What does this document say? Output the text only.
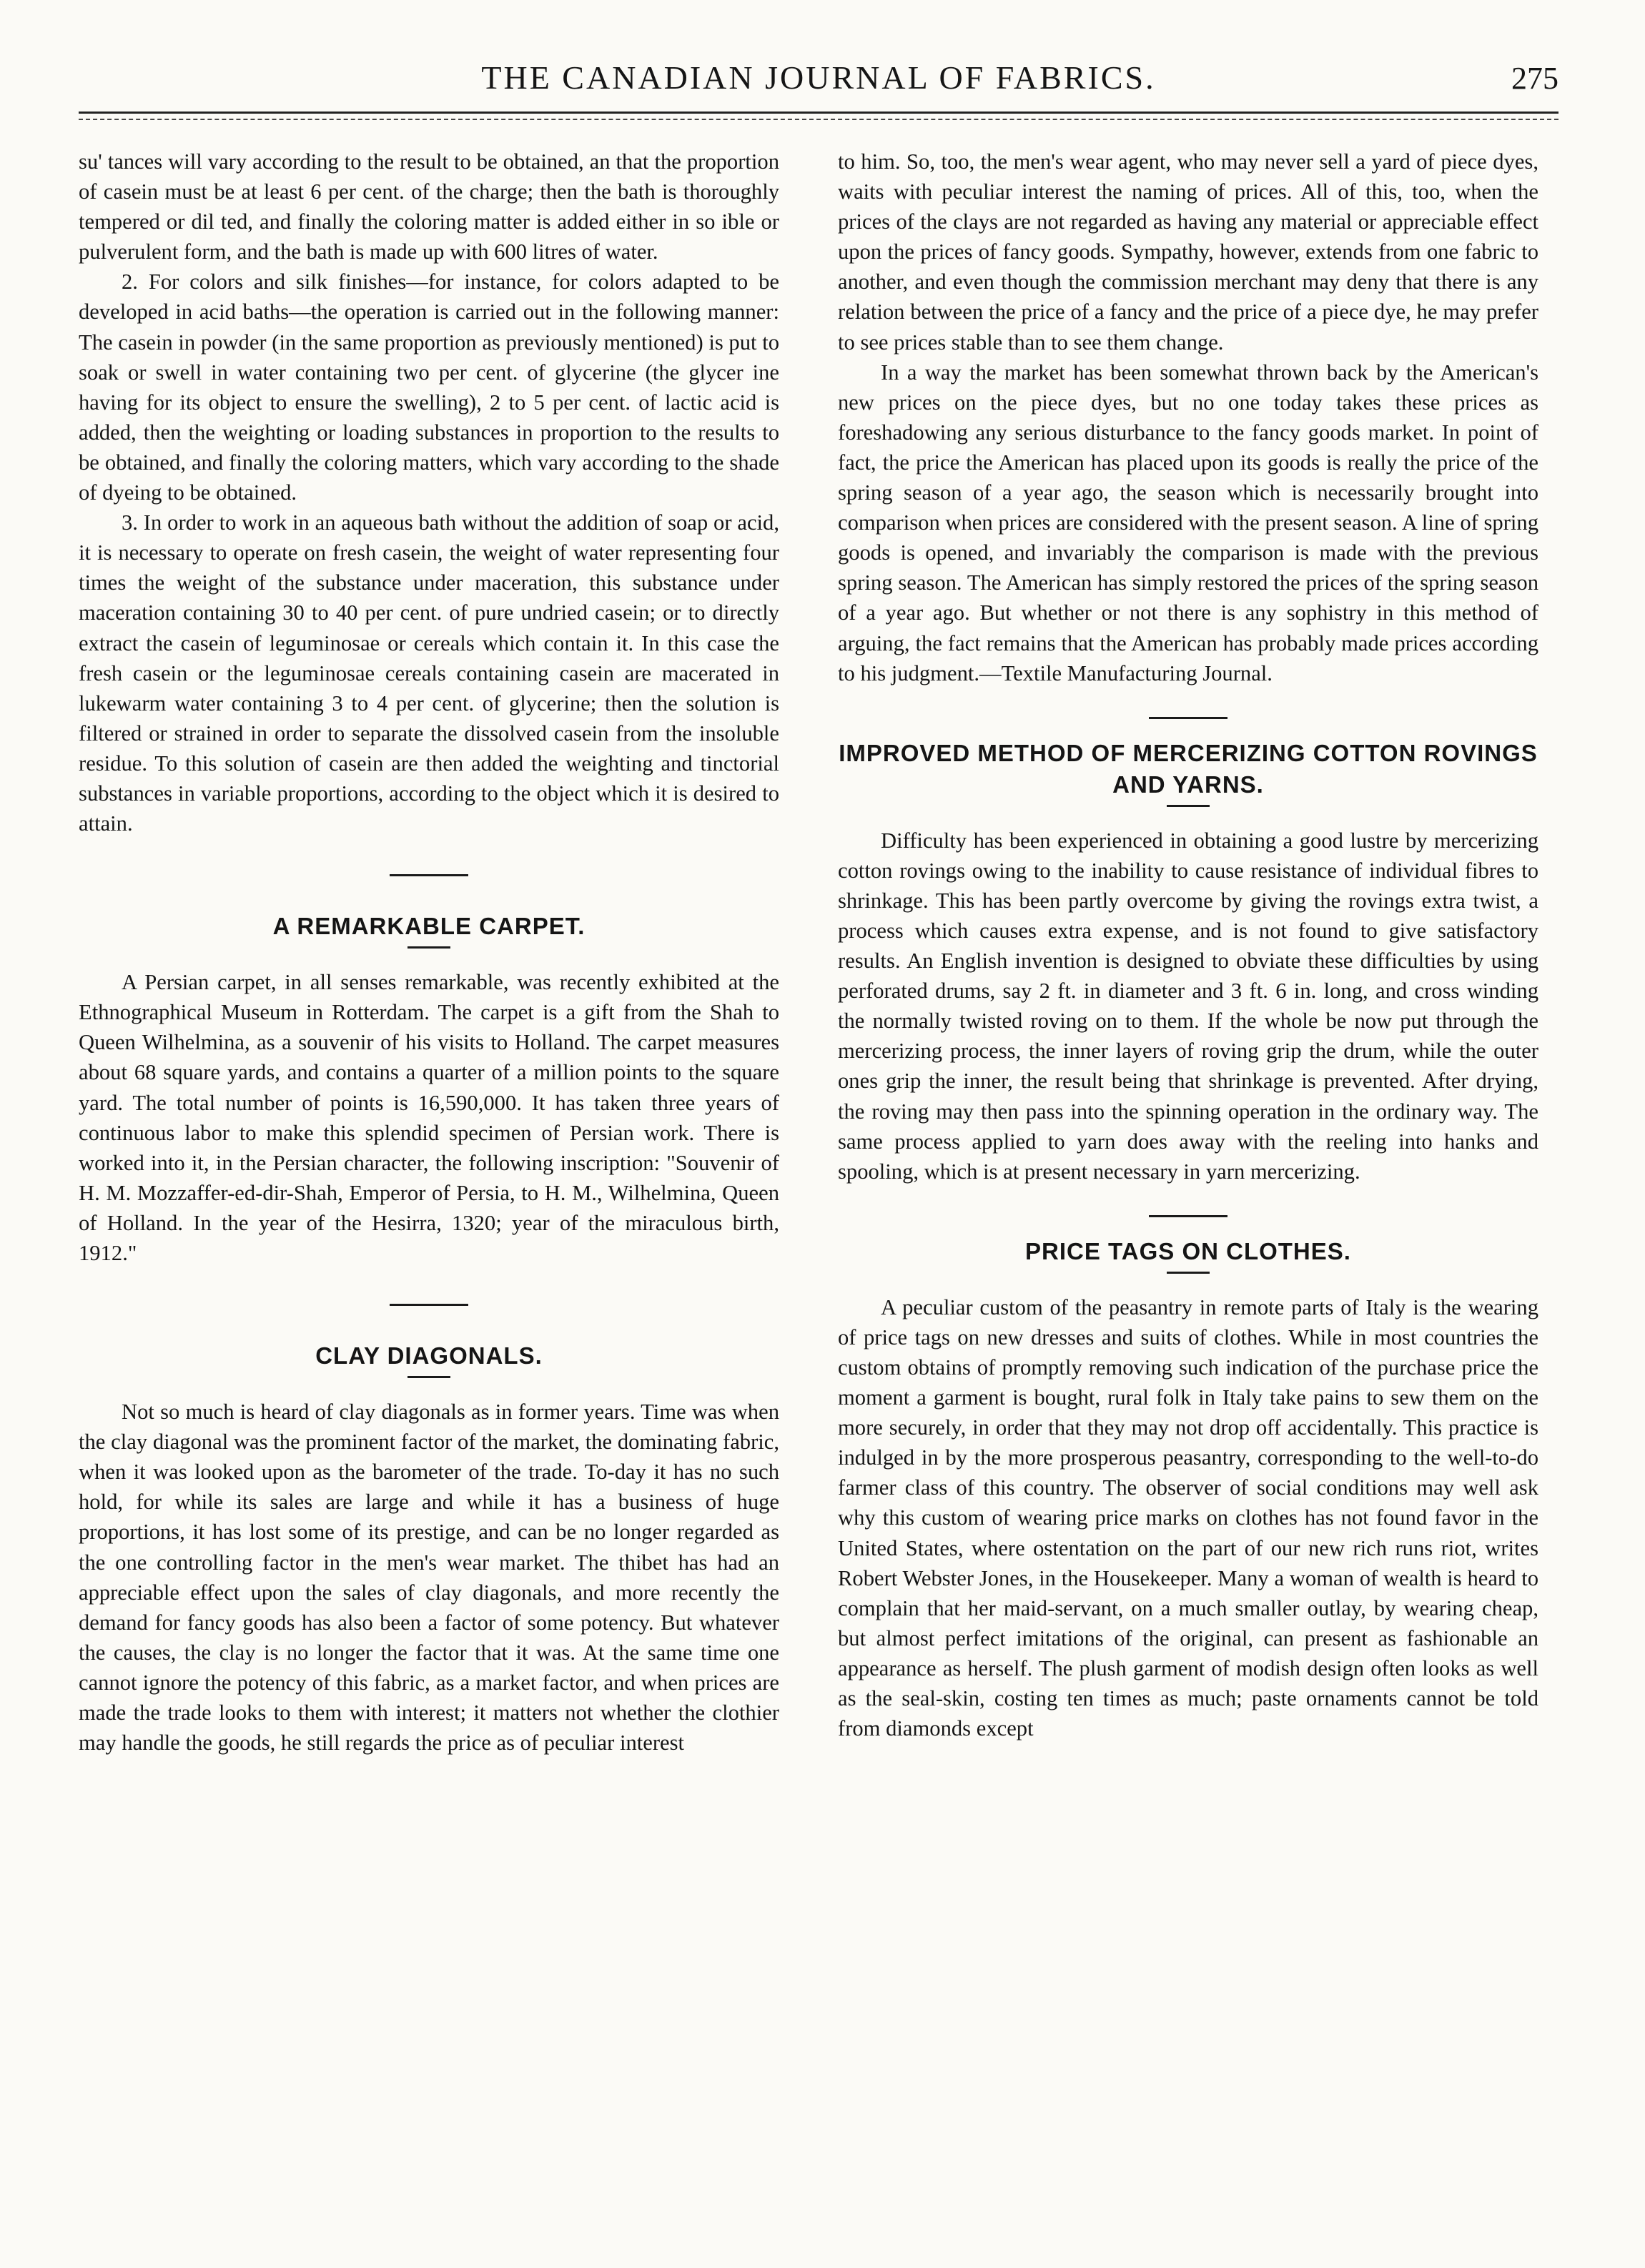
THE CANADIAN JOURNAL OF FABRICS.	275

su' tances will vary according to the result to be obtained, an that the proportion of casein must be at least 6 per cent. of the charge; then the bath is thoroughly tempered or dil ted, and finally the coloring matter is added either in so ible or pulverulent form, and the bath is made up with 600 litres of water.

2. For colors and silk finishes—for instance, for colors adapted to be developed in acid baths—the operation is carried out in the following manner: The casein in powder (in the same proportion as previously mentioned) is put to soak or swell in water containing two per cent. of glycerine (the glycer ine having for its object to ensure the swelling), 2 to 5 per cent. of lactic acid is added, then the weighting or loading substances in proportion to the results to be obtained, and finally the coloring matters, which vary according to the shade of dyeing to be obtained.

3. In order to work in an aqueous bath without the addition of soap or acid, it is necessary to operate on fresh casein, the weight of water representing four times the weight of the substance under maceration, this substance under maceration containing 30 to 40 per cent. of pure undried casein; or to directly extract the casein of leguminosae or cereals which contain it. In this case the fresh casein or the leguminosae cereals containing casein are macerated in lukewarm water containing 3 to 4 per cent. of glycerine; then the solution is filtered or strained in order to separate the dissolved casein from the insoluble residue. To this solution of casein are then added the weighting and tinctorial substances in variable proportions, according to the object which it is desired to attain.

A REMARKABLE CARPET.

A Persian carpet, in all senses remarkable, was recently exhibited at the Ethnographical Museum in Rotterdam. The carpet is a gift from the Shah to Queen Wilhelmina, as a souvenir of his visits to Holland. The carpet measures about 68 square yards, and contains a quarter of a million points to the square yard. The total number of points is 16,590,000. It has taken three years of continuous labor to make this splendid specimen of Persian work. There is worked into it, in the Persian character, the following inscription: "Souvenir of H. M. Mozzaffer-ed-dir-Shah, Emperor of Persia, to H. M., Wilhelmina, Queen of Holland. In the year of the Hesirra, 1320; year of the miraculous birth, 1912."

CLAY DIAGONALS.

Not so much is heard of clay diagonals as in former years. Time was when the clay diagonal was the prominent factor of the market, the dominating fabric, when it was looked upon as the barometer of the trade. To-day it has no such hold, for while its sales are large and while it has a business of huge proportions, it has lost some of its prestige, and can be no longer regarded as the one controlling factor in the men's wear market. The thibet has had an appreciable effect upon the sales of clay diagonals, and more recently the demand for fancy goods has also been a factor of some potency. But whatever the causes, the clay is no longer the factor that it was. At the same time one cannot ignore the potency of this fabric, as a market factor, and when prices are made the trade looks to them with interest; it matters not whether the clothier may handle the goods, he still regards the price as of peculiar interest

to him. So, too, the men's wear agent, who may never sell a yard of piece dyes, waits with peculiar interest the naming of prices. All of this, too, when the prices of the clays are not regarded as having any material or appreciable effect upon the prices of fancy goods. Sympathy, however, extends from one fabric to another, and even though the commission merchant may deny that there is any relation between the price of a fancy and the price of a piece dye, he may prefer to see prices stable than to see them change.

In a way the market has been somewhat thrown back by the American's new prices on the piece dyes, but no one today takes these prices as foreshadowing any serious disturbance to the fancy goods market. In point of fact, the price the American has placed upon its goods is really the price of the spring season of a year ago, the season which is necessarily brought into comparison when prices are considered with the present season. A line of spring goods is opened, and invariably the comparison is made with the previous spring season. The American has simply restored the prices of the spring season of a year ago. But whether or not there is any sophistry in this method of arguing, the fact remains that the American has probably made prices according to his judgment.—Textile Manufacturing Journal.

IMPROVED METHOD OF MERCERIZING COTTON ROVINGS AND YARNS.

Difficulty has been experienced in obtaining a good lustre by mercerizing cotton rovings owing to the inability to cause resistance of individual fibres to shrinkage. This has been partly overcome by giving the rovings extra twist, a process which causes extra expense, and is not found to give satisfactory results. An English invention is designed to obviate these difficulties by using perforated drums, say 2 ft. in diameter and 3 ft. 6 in. long, and cross winding the normally twisted roving on to them. If the whole be now put through the mercerizing process, the inner layers of roving grip the drum, while the outer ones grip the inner, the result being that shrinkage is prevented. After drying, the roving may then pass into the spinning operation in the ordinary way. The same process applied to yarn does away with the reeling into hanks and spooling, which is at present necessary in yarn mercerizing.

PRICE TAGS ON CLOTHES.

A peculiar custom of the peasantry in remote parts of Italy is the wearing of price tags on new dresses and suits of clothes. While in most countries the custom obtains of promptly removing such indication of the purchase price the moment a garment is bought, rural folk in Italy take pains to sew them on the more securely, in order that they may not drop off accidentally. This practice is indulged in by the more prosperous peasantry, corresponding to the well-to-do farmer class of this country. The observer of social conditions may well ask why this custom of wearing price marks on clothes has not found favor in the United States, where ostentation on the part of our new rich runs riot, writes Robert Webster Jones, in the Housekeeper. Many a woman of wealth is heard to complain that her maid-servant, on a much smaller outlay, by wearing cheap, but almost perfect imitations of the original, can present as fashionable an appearance as herself. The plush garment of modish design often looks as well as the seal-skin, costing ten times as much; paste ornaments cannot be told from diamonds except
